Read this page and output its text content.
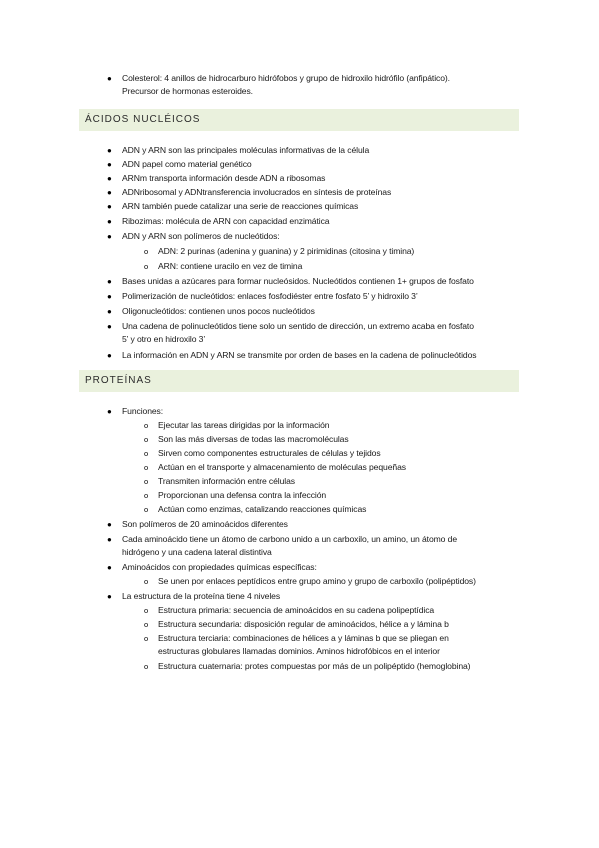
● Colesterol: 4 anillos de hidrocarburo hidrófobos y grupo de hidroxilo hidrófilo (anfipático).
Precursor de hormonas esteroides.
ÁCIDOS NUCLÉICOS
● ADN y ARN son las principales moléculas informativas de la célula
● ADN papel como material genético
● ARNm transporta información desde ADN a ribosomas
● ADNribosomal y ADNtransferencia involucrados en síntesis de proteínas
● ARN también puede catalizar una serie de reacciones químicas
● Ribozimas: molécula de ARN con capacidad enzimática
● ADN y ARN son polímeros de nucleótidos:
o ADN: 2 purinas (adenina y guanina) y 2 pirimidinas (citosina y timina)
o ARN: contiene uracilo en vez de timina
● Bases unidas a azúcares para formar nucleósidos. Nucleótidos contienen 1+ grupos de fosfato
● Polimerización de nucleótidos: enlaces fosfodiéster entre fosfato 5’ y hidroxilo 3’
● Oligonucleótidos: contienen unos pocos nucleótidos
● Una cadena de polinucleótidos tiene solo un sentido de dirección, un extremo acaba en fosfato
5’ y otro en hidroxilo 3’
● La información en ADN y ARN se transmite por orden de bases en la cadena de polinucleótidos
PROTEÍNAS
● Funciones:
o Ejecutar las tareas dirigidas por la información
o Son las más diversas de todas las macromoléculas
o Sirven como componentes estructurales de células y tejidos
o Actúan en el transporte y almacenamiento de moléculas pequeñas
o Transmiten información entre células
o Proporcionan una defensa contra la infección
o Actúan como enzimas, catalizando reacciones químicas
● Son polímeros de 20 aminoácidos diferentes
● Cada aminoácido tiene un átomo de carbono unido a un carboxilo, un amino, un átomo de
hidrógeno y una cadena lateral distintiva
● Aminoácidos con propiedades químicas específicas:
o Se unen por enlaces peptídicos entre grupo amino y grupo de carboxilo (polipéptidos)
● La estructura de la proteína tiene 4 niveles
o Estructura primaria: secuencia de aminoácidos en su cadena polipeptídica
o Estructura secundaria: disposición regular de aminoácidos, hélice a y lámina b
o Estructura terciaria: combinaciones de hélices a y láminas b que se pliegan en
estructuras globulares llamadas dominios. Aminos hidrofóbicos en el interior
o Estructura cuaternaria: protes compuestas por más de un polipéptido (hemoglobina)
